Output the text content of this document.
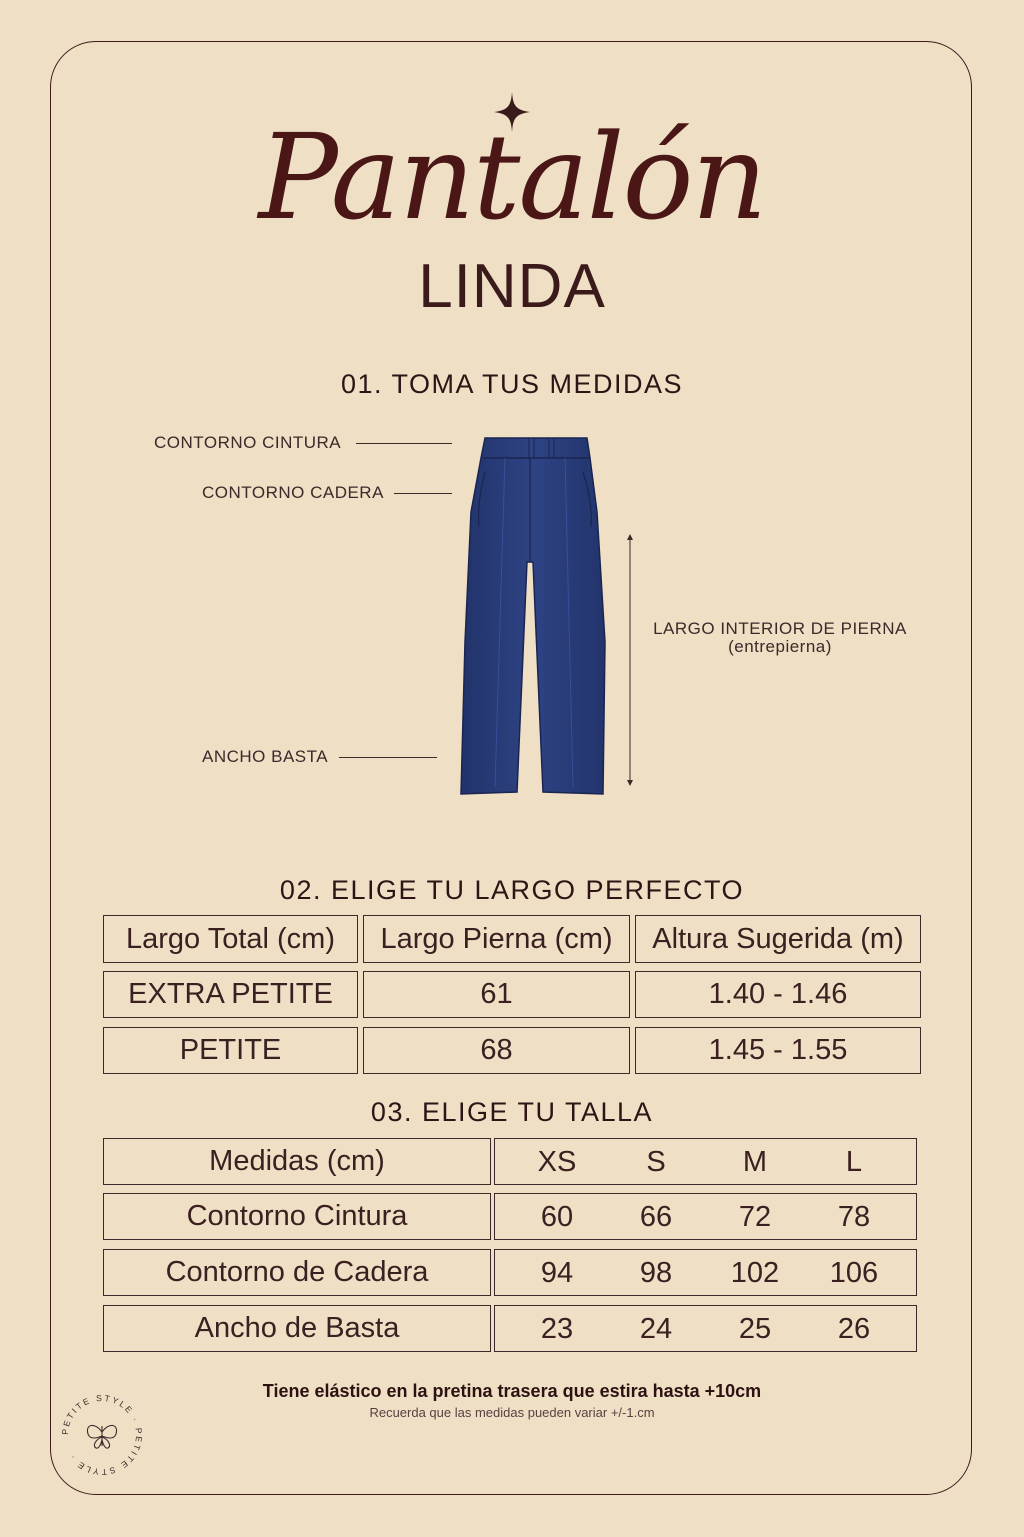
Pantalón
LINDA
01. TOMA TUS MEDIDAS
CONTORNO CINTURA
CONTORNO CADERA
ANCHO BASTA
LARGO INTERIOR DE PIERNA
(entrepierna)
02. ELIGE TU LARGO PERFECTO
Largo Total (cm)	Largo Pierna (cm)	Altura Sugerida (m)
EXTRA PETITE	61	1.40 - 1.46
PETITE	68	1.45 - 1.55
03. ELIGE TU TALLA
Medidas (cm)	XS	S	M	L
Contorno Cintura	60	66	72	78
Contorno de Cadera	94	98	102	106
Ancho de Basta	23	24	25	26
Tiene elástico en la pretina trasera que estira hasta +10cm
Recuerda que las medidas pueden variar +/-1.cm
PETITE STYLE · PETITE STYLE ·
